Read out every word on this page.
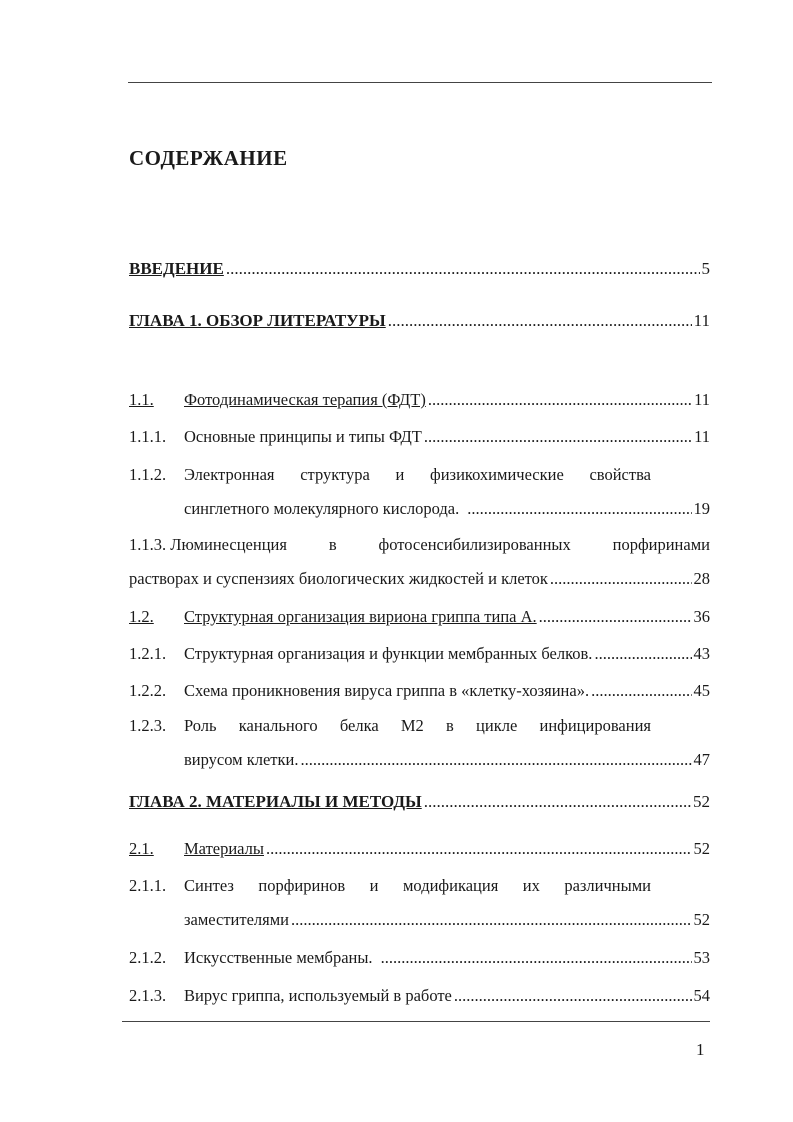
СОДЕРЖАНИЕ
ВВЕДЕНИЕ .....	5
ГЛАВА 1. ОБЗОР ЛИТЕРАТУРЫ .....	11
1.1.	Фотодинамическая терапия (ФДТ) .....	11
1.1.1.	Основные принципы и типы ФДТ .....	11
1.1.2.	Электронная структура и физикохимические свойства
синглетного молекулярного кислорода. .....	19
1.1.3. Люминесценция	в	фотосенсибилизированных	порфиринами
растворах и суспензиях биологических жидкостей и клеток .....	28
1.2.	Структурная организация вириона гриппа типа А. .....	36
1.2.1.	Структурная организация и функции мембранных белков. .....	43
1.2.2.	Схема проникновения вируса гриппа в «клетку-хозяина». .....	45
1.2.3.	Роль канального белка М2 в цикле инфицирования
вирусом клетки. .....	47
ГЛАВА 2. МАТЕРИАЛЫ И МЕТОДЫ .....	52
2.1.	Материалы .....	52
2.1.1.	Синтез порфиринов и модификация их различными
заместителями .....	52
2.1.2.	Искусственные мембраны. .....	53
2.1.3.	Вирус гриппа, используемый в работе .....	54
1
